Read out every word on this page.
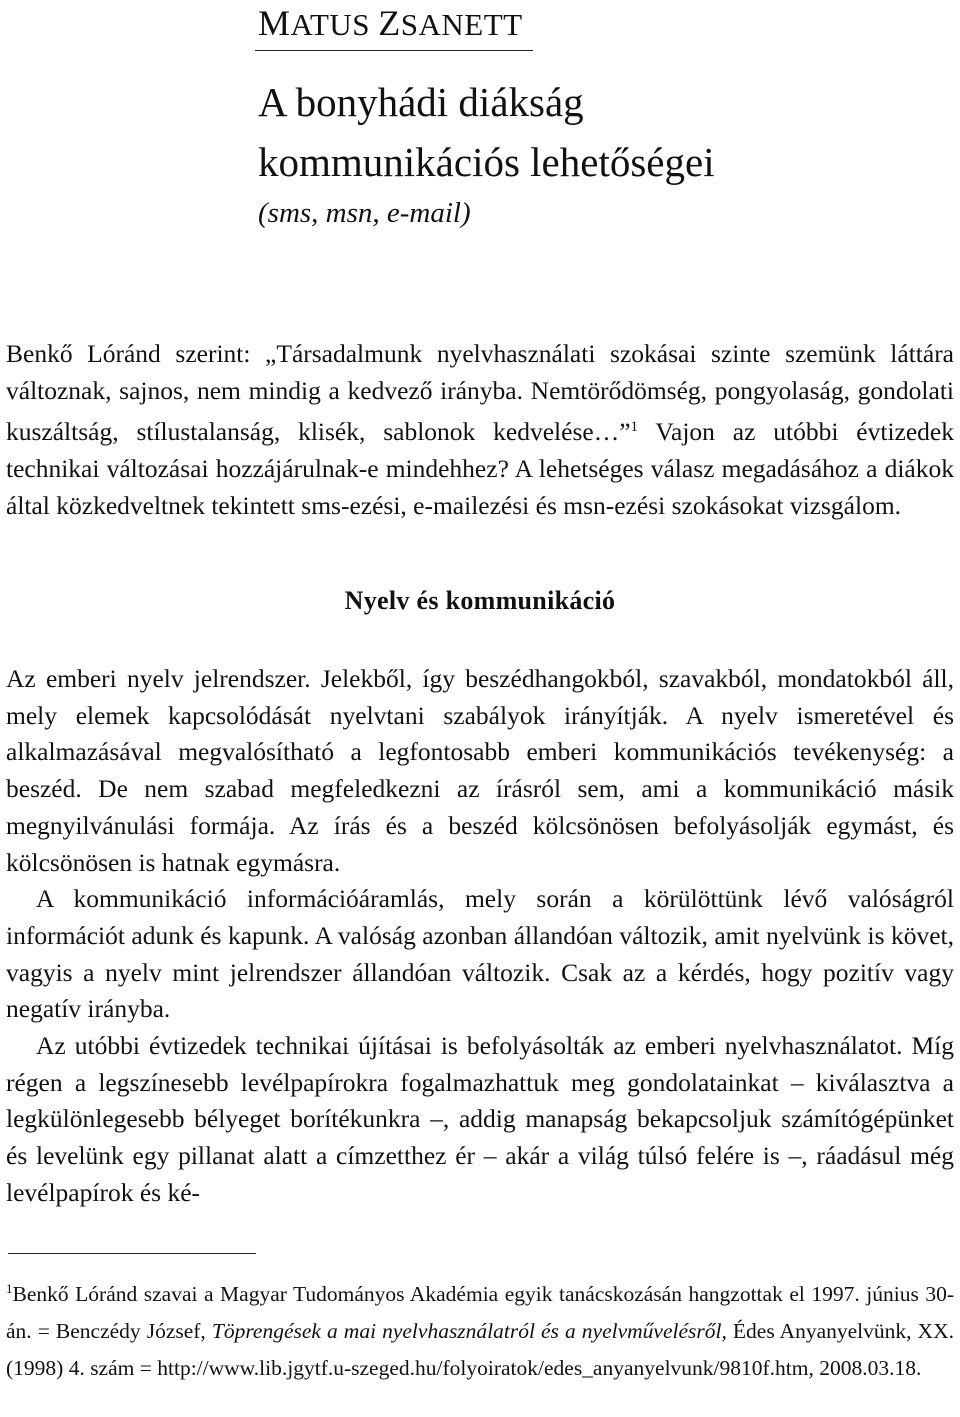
MATUS ZSANETT
A bonyhádi diákság
kommunikációs lehetőségei
(sms, msn, e-mail)

Benkő Lóránd szerint: „Társadalmunk nyelvhasználati szokásai szinte szemünk láttára változnak, sajnos, nem mindig a kedvező irányba. Nemtörődömség, pongyolaság, gondolati kuszáltság, stílustalanság, klisék, sablonok kedvelése…”$^1$ Vajon az utóbbi évtizedek technikai változásai hozzájárulnak-e mindehhez? A lehetséges válasz megadásához a diákok által közkedveltnek tekintett sms-ezési, e-mailezési és msn-ezési szokásokat vizsgálom.

Nyelv és kommunikáció

Az emberi nyelv jelrendszer. Jelekből, így beszédhangokból, szavakból, mondatokból áll, mely elemek kapcsolódását nyelvtani szabályok irányítják. A nyelv ismeretével és alkalmazásával megvalósítható a legfontosabb emberi kommunikációs tevékenység: a beszéd. De nem szabad megfeledkezni az írásról sem, ami a kommunikáció másik megnyilvánulási formája. Az írás és a beszéd kölcsönösen befolyásolják egymást, és kölcsönösen is hatnak egymásra.

A kommunikáció információáramlás, mely során a körülöttünk lévő valóságról információt adunk és kapunk. A valóság azonban állandóan változik, amit nyelvünk is követ, vagyis a nyelv mint jelrendszer állandóan változik. Csak az a kérdés, hogy pozitív vagy negatív irányba.

Az utóbbi évtizedek technikai újításai is befolyásolták az emberi nyelvhasználatot. Míg régen a legszínesebb levélpapírokra fogalmazhattuk meg gondolatainkat – kiválasztva a legkülönlegesebb bélyeget borítékunkra –, addig manapság bekapcsoljuk számítógépünket és levelünk egy pillanat alatt a címzetthez ér – akár a világ túlsó felére is –, ráadásul még levélpapírok és ké-

$^1$Benkő Lóránd szavai a Magyar Tudományos Akadémia egyik tanácskozásán hangzottak el 1997. június 30-án. = Benczédy József, Töprengések a mai nyelvhasználatról és a nyelvművelésről, Édes Anyanyelvünk, XX. (1998) 4. szám = http://www.lib.jgytf.u-szeged.hu/folyoiratok/edes_anyanyelvunk/9810f.htm, 2008.03.18.
